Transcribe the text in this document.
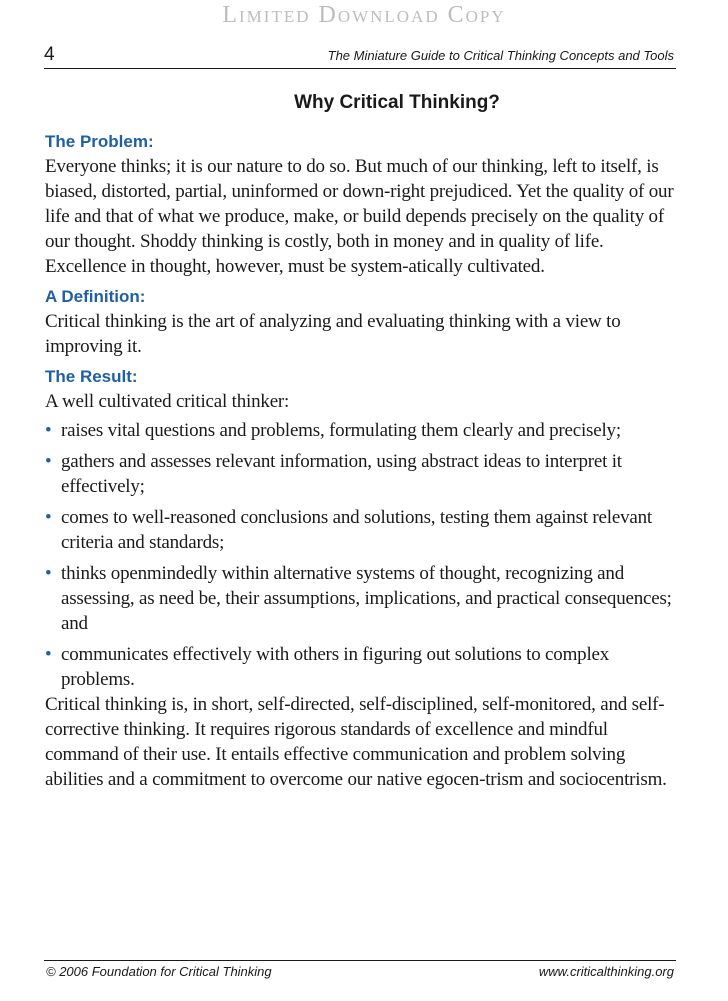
Limited Download Copy
4	The Miniature Guide to Critical Thinking Concepts and Tools
Why Critical Thinking?
The Problem:

Everyone thinks; it is our nature to do so. But much of our thinking, left to itself, is biased, distorted, partial, uninformed or down-right prejudiced. Yet the quality of our life and that of what we produce, make, or build depends precisely on the quality of our thought. Shoddy thinking is costly, both in money and in quality of life. Excellence in thought, however, must be system-atically cultivated.

A Definition:

Critical thinking is the art of analyzing and evaluating thinking with a view to improving it.

The Result:

A well cultivated critical thinker:

• raises vital questions and problems, formulating them clearly and precisely;
• gathers and assesses relevant information, using abstract ideas to interpret it effectively;
• comes to well-reasoned conclusions and solutions, testing them against relevant criteria and standards;
• thinks openmindedly within alternative systems of thought, recognizing and assessing, as need be, their assumptions, implications, and practical consequences; and
• communicates effectively with others in figuring out solutions to complex problems.

Critical thinking is, in short, self-directed, self-disciplined, self-monitored, and self-corrective thinking. It requires rigorous standards of excellence and mindful command of their use. It entails effective communication and problem solving abilities and a commitment to overcome our native egocen-trism and sociocentrism.

© 2006 Foundation for Critical Thinking	www.criticalthinking.org
